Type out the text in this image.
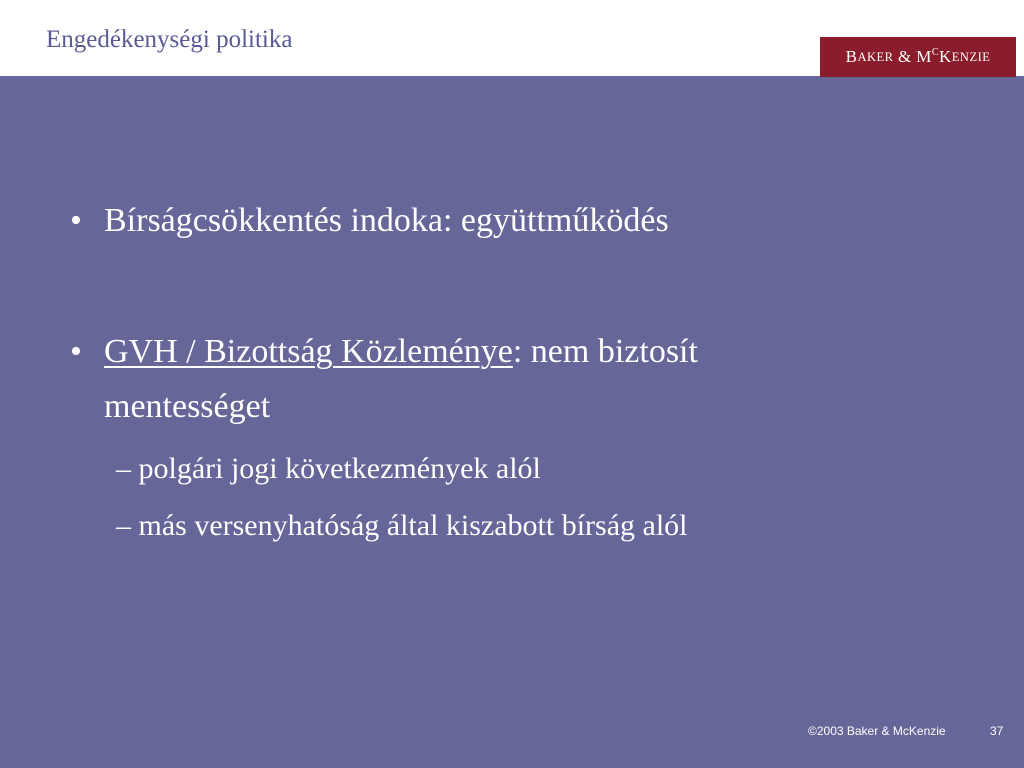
Engedékenységi politika
B AKER
&
M C K ENZIE
• Bírságcsökkentés indoka: együttműködés
• GVH / Bizottság Közleménye: nem biztosít
mentességet
– polgári jogi következmények alól
– más versenyhatóság által kiszabott bírság alól
©2003 Baker & McKenzie	37
